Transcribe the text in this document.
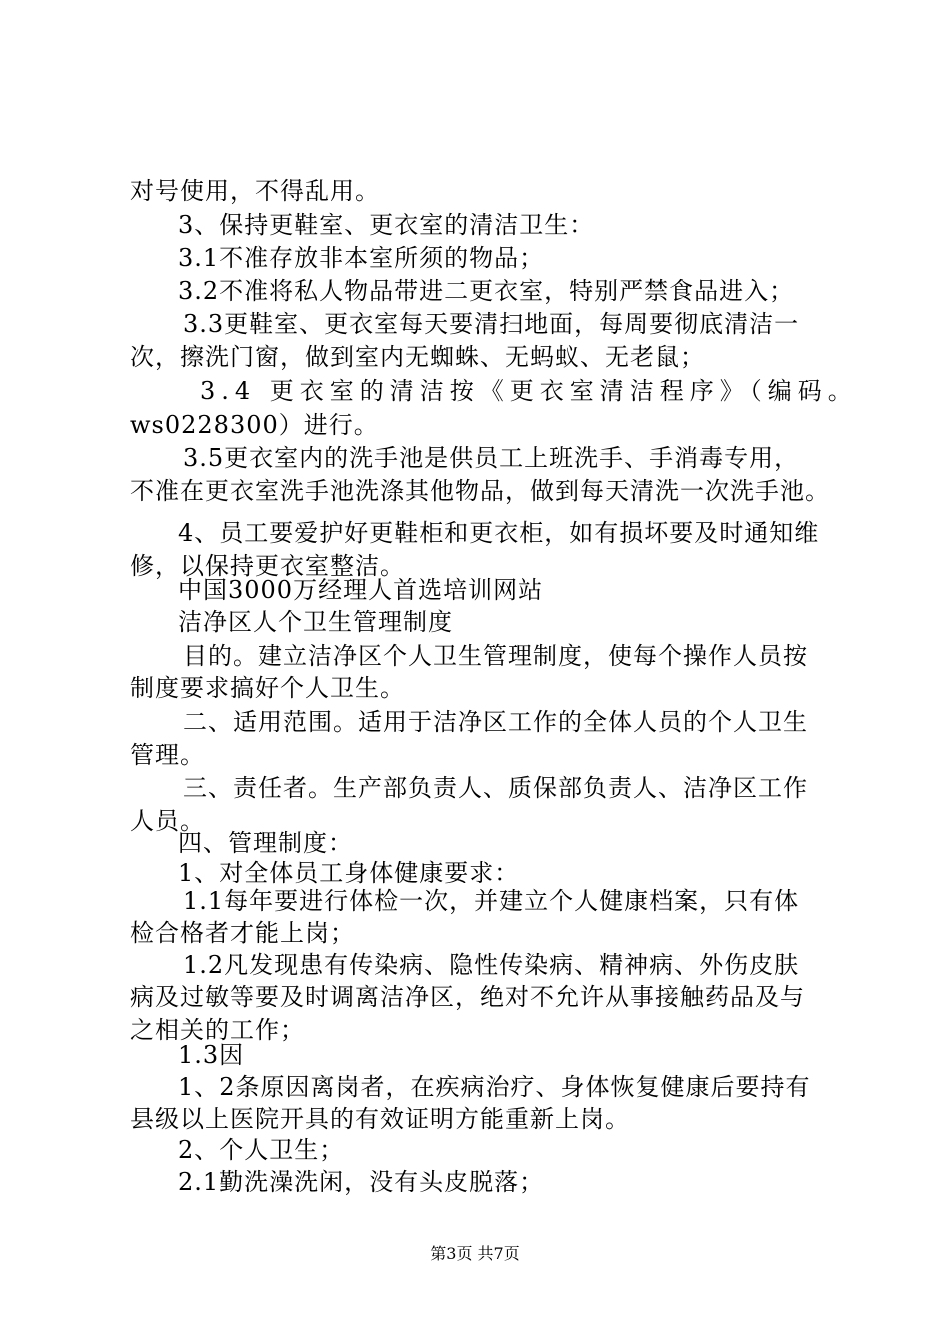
对号使用，不得乱用。
3、保持更鞋室、更衣室的清洁卫生：
3.1不准存放非本室所须的物品；
3.2不准将私人物品带进二更衣室，特别严禁食品进入；
3.3更鞋室、更衣室每天要清扫地面，每周要彻底清洁一
次，擦洗门窗，做到室内无蜘蛛、无蚂蚁、无老鼠；
3.4 更衣室的清洁按《更衣室清洁程序》（编码。
ws0228300）进行。
3.5更衣室内的洗手池是供员工上班洗手、手消毒专用，
不准在更衣室洗手池洗涤其他物品，做到每天清洗一次洗手池。
4、员工要爱护好更鞋柜和更衣柜，如有损坏要及时通知维
修，以保持更衣室整洁。
中国3000万经理人首选培训网站
洁净区人个卫生管理制度
目的。建立洁净区个人卫生管理制度，使每个操作人员按
制度要求搞好个人卫生。
二、适用范围。适用于洁净区工作的全体人员的个人卫生
管理。
三、责任者。生产部负责人、质保部负责人、洁净区工作
人员。
四、管理制度：
1、对全体员工身体健康要求：
1.1每年要进行体检一次，并建立个人健康档案，只有体
检合格者才能上岗；
1.2凡发现患有传染病、隐性传染病、精神病、外伤皮肤
病及过敏等要及时调离洁净区，绝对不允许从事接触药品及与
之相关的工作；
1.3因
1、2条原因离岗者，在疾病治疗、身体恢复健康后要持有
县级以上医院开具的有效证明方能重新上岗。
第3页 共7页
2、个人卫生；
2.1勤洗澡洗闲，没有头皮脱落；
